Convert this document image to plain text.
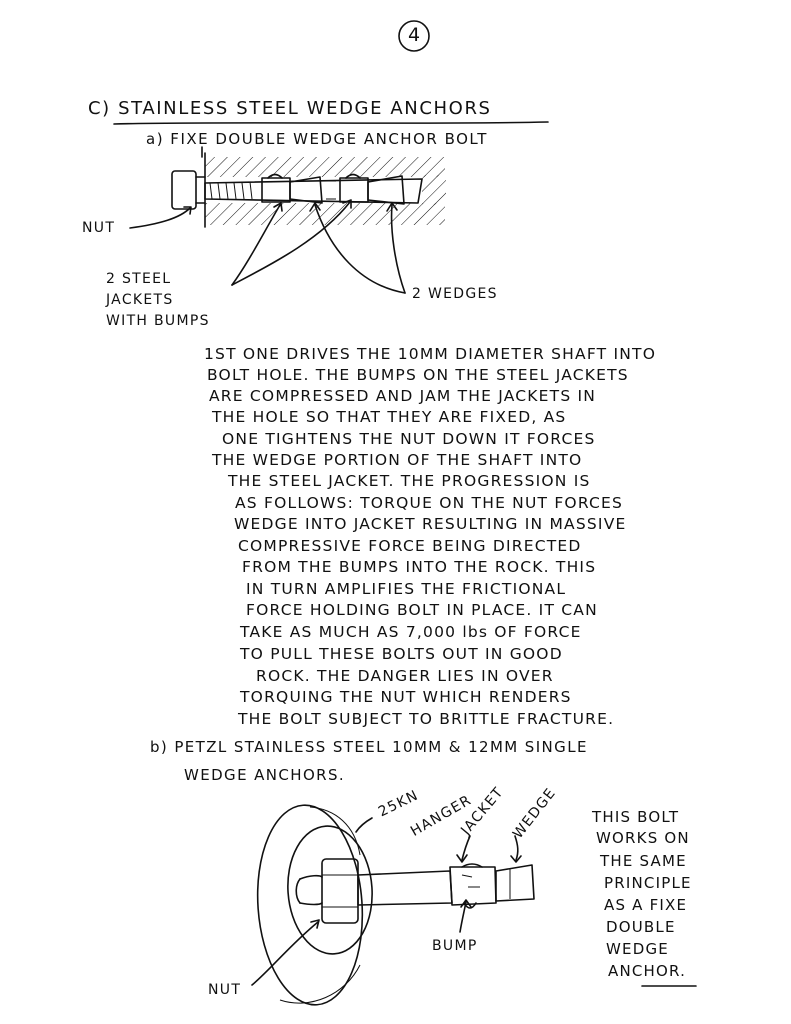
4
C) STAINLESS STEEL WEDGE ANCHORS
a) FIXE DOUBLE WEDGE ANCHOR BOLT
NUT
2 STEEL
JACKETS
WITH BUMPS
2 WEDGES
1ST ONE DRIVES THE 10MM DIAMETER SHAFT INTO
BOLT HOLE. THE BUMPS ON THE STEEL JACKETS
ARE COMPRESSED AND JAM THE JACKETS IN
THE HOLE SO THAT THEY ARE FIXED, AS
ONE TIGHTENS THE NUT DOWN IT FORCES
THE WEDGE PORTION OF THE SHAFT INTO
THE STEEL JACKET. THE PROGRESSION IS
AS FOLLOWS: TORQUE ON THE NUT FORCES
WEDGE INTO JACKET RESULTING IN MASSIVE
COMPRESSIVE FORCE BEING DIRECTED
FROM THE BUMPS INTO THE ROCK. THIS
IN TURN AMPLIFIES THE FRICTIONAL
FORCE HOLDING BOLT IN PLACE. IT CAN
TAKE AS MUCH AS 7,000 lbs OF FORCE
TO PULL THESE BOLTS OUT IN GOOD
ROCK. THE DANGER LIES IN OVER
TORQUING THE NUT WHICH RENDERS
THE BOLT SUBJECT TO BRITTLE FRACTURE.
b) PETZL STAINLESS STEEL 10MM & 12MM SINGLE
WEDGE ANCHORS.
25KN
HANGER
JACKET WEDGE
BUMP
NUT
THIS BOLT
WORKS ON
THE SAME
PRINCIPLE
AS A FIXE
DOUBLE
WEDGE
ANCHOR.
